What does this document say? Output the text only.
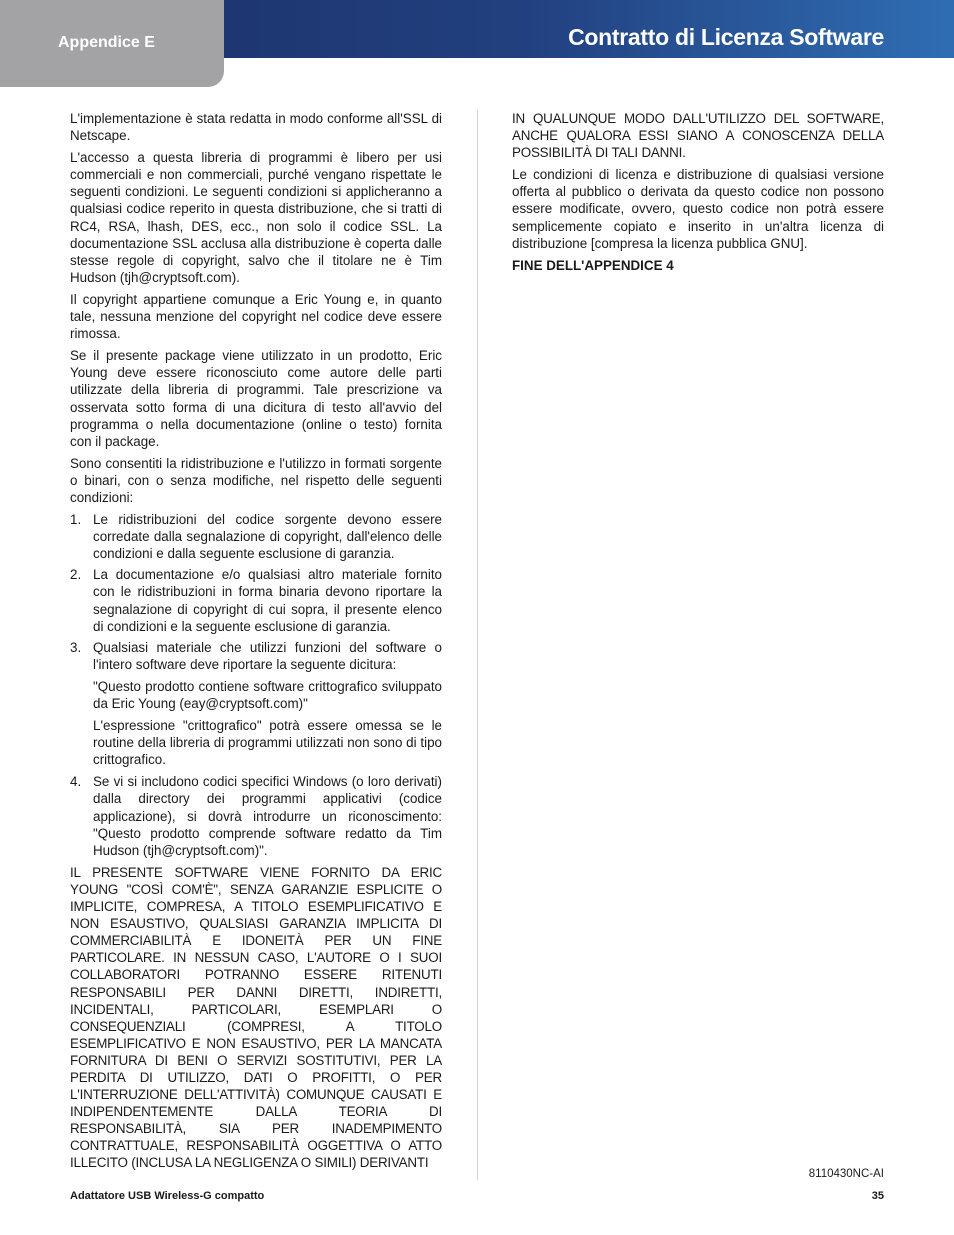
Appendice E	Contratto di Licenza Software

L'implementazione è stata redatta in modo conforme all'SSL di Netscape.

L'accesso a questa libreria di programmi è libero per usi commerciali e non commerciali, purché vengano rispettate le seguenti condizioni. Le seguenti condizioni si applicheranno a qualsiasi codice reperito in questa distribuzione, che si tratti di RC4, RSA, lhash, DES, ecc., non solo il codice SSL. La documentazione SSL acclusa alla distribuzione è coperta dalle stesse regole di copyright, salvo che il titolare ne è Tim Hudson (tjh@cryptsoft.com).

Il copyright appartiene comunque a Eric Young e, in quanto tale, nessuna menzione del copyright nel codice deve essere rimossa.

Se il presente package viene utilizzato in un prodotto, Eric Young deve essere riconosciuto come autore delle parti utilizzate della libreria di programmi. Tale prescrizione va osservata sotto forma di una dicitura di testo all'avvio del programma o nella documentazione (online o testo) fornita con il package.

Sono consentiti la ridistribuzione e l'utilizzo in formati sorgente o binari, con o senza modifiche, nel rispetto delle seguenti condizioni:

1. Le ridistribuzioni del codice sorgente devono essere corredate dalla segnalazione di copyright, dall'elenco delle condizioni e dalla seguente esclusione di garanzia.
2. La documentazione e/o qualsiasi altro materiale fornito con le ridistribuzioni in forma binaria devono riportare la segnalazione di copyright di cui sopra, il presente elenco di condizioni e la seguente esclusione di garanzia.
3. Qualsiasi materiale che utilizzi funzioni del software o l'intero software deve riportare la seguente dicitura:

"Questo prodotto contiene software crittografico sviluppato da Eric Young (eay@cryptsoft.com)"

L'espressione "crittografico" potrà essere omessa se le routine della libreria di programmi utilizzati non sono di tipo crittografico.

4. Se vi si includono codici specifici Windows (o loro derivati) dalla directory dei programmi applicativi (codice applicazione), si dovrà introdurre un riconoscimento: "Questo prodotto comprende software redatto da Tim Hudson (tjh@cryptsoft.com)".

IL PRESENTE SOFTWARE VIENE FORNITO DA ERIC YOUNG "COSÌ COM'È", SENZA GARANZIE ESPLICITE O IMPLICITE, COMPRESA, A TITOLO ESEMPLIFICATIVO E NON ESAUSTIVO, QUALSIASI GARANZIA IMPLICITA DI COMMERCIABILITÀ E IDONEITÀ PER UN FINE PARTICOLARE. IN NESSUN CASO, L'AUTORE O I SUOI COLLABORATORI POTRANNO ESSERE RITENUTI RESPONSABILI PER DANNI DIRETTI, INDIRETTI, INCIDENTALI, PARTICOLARI, ESEMPLARI O CONSEQUENZIALI (COMPRESI, A TITOLO ESEMPLIFICATIVO E NON ESAUSTIVO, PER LA MANCATA FORNITURA DI BENI O SERVIZI SOSTITUTIVI, PER LA PERDITA DI UTILIZZO, DATI O PROFITTI, O PER L'INTERRUZIONE DELL'ATTIVITÀ) COMUNQUE CAUSATI E INDIPENDENTEMENTE DALLA TEORIA DI RESPONSABILITÀ, SIA PER INADEMPIMENTO CONTRATTUALE, RESPONSABILITÀ OGGETTIVA O ATTO ILLECITO (INCLUSA LA NEGLIGENZA O SIMILI) DERIVANTI

IN QUALUNQUE MODO DALL'UTILIZZO DEL SOFTWARE, ANCHE QUALORA ESSI SIANO A CONOSCENZA DELLA POSSIBILITÀ DI TALI DANNI.

Le condizioni di licenza e distribuzione di qualsiasi versione offerta al pubblico o derivata da questo codice non possono essere modificate, ovvero, questo codice non potrà essere semplicemente copiato e inserito in un'altra licenza di distribuzione [compresa la licenza pubblica GNU].

FINE DELL'APPENDICE 4

8110430NC-AI
Adattatore USB Wireless-G compatto	35
